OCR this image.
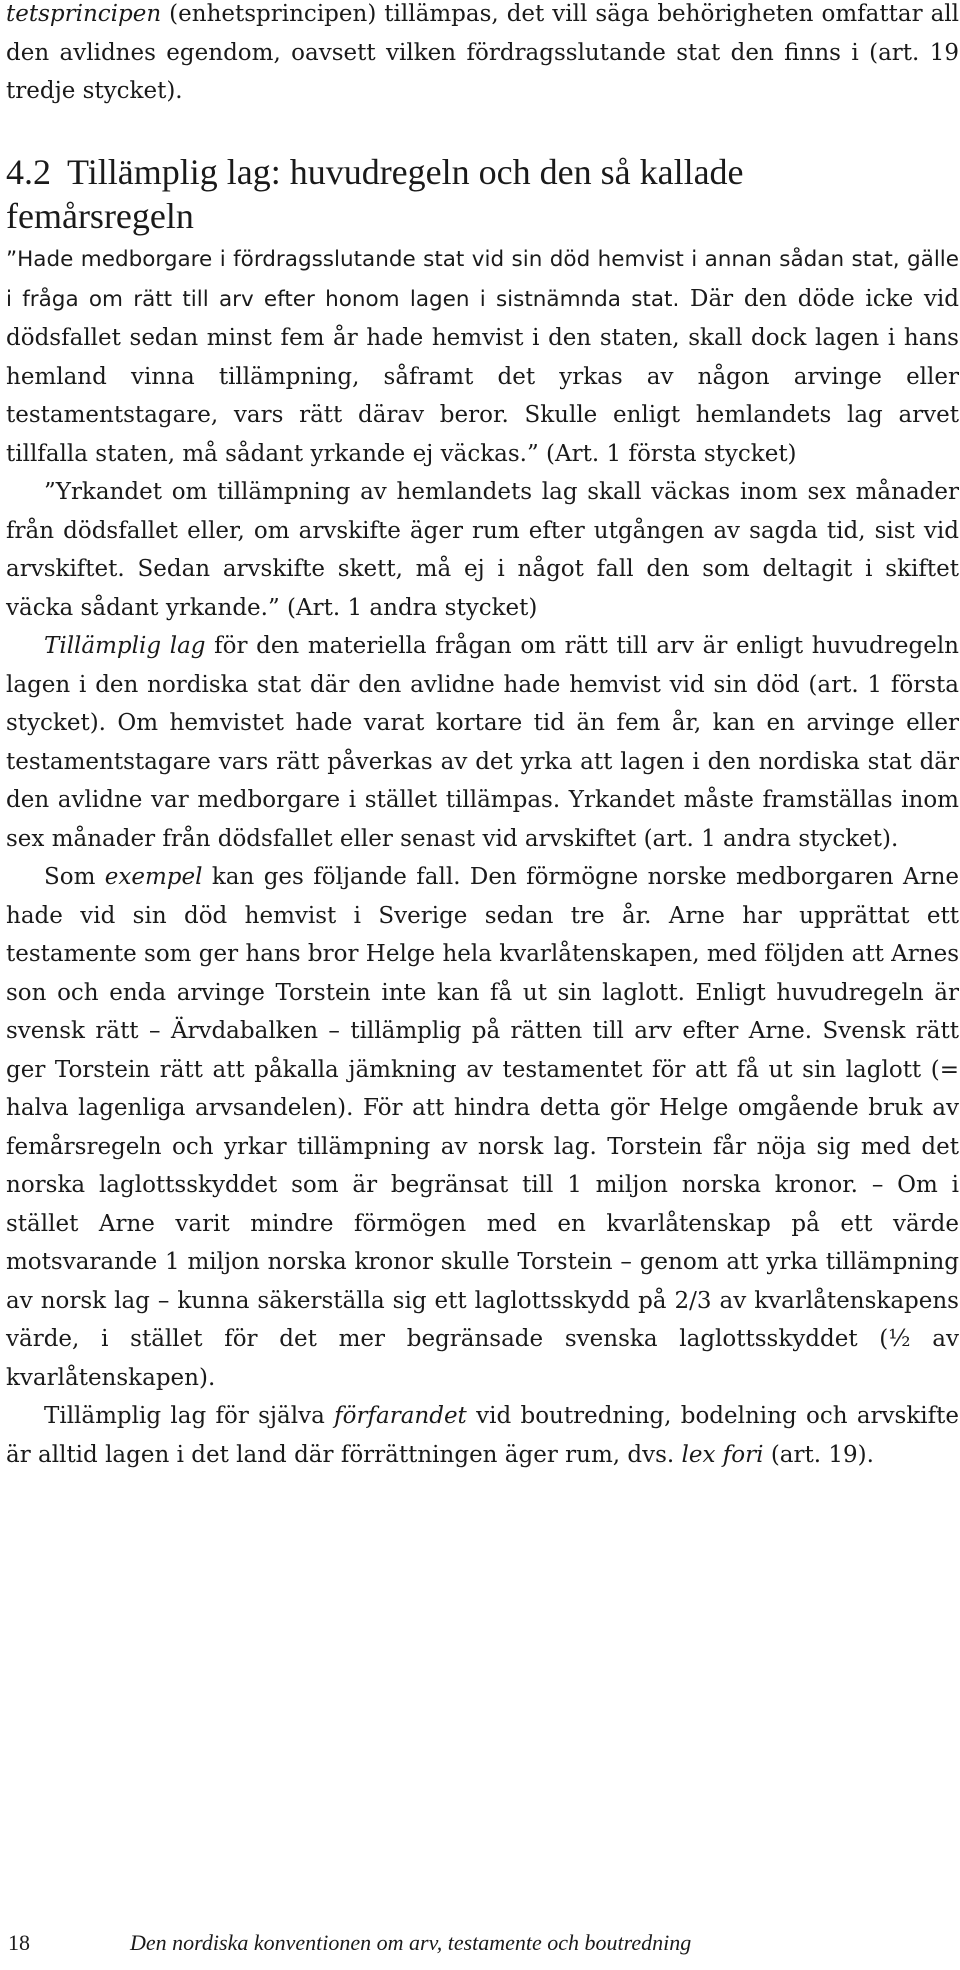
tetsprincipen (enhetsprincipen) tillämpas, det vill säga behörigheten omfattar all den avlidnes egendom, oavsett vilken fördragsslutande stat den finns i (art. 19 tredje stycket).
4.2 Tillämplig lag: huvudregeln och den så kallade femårsregeln

”Hade medborgare i fördragsslutande stat vid sin död hemvist i annan sådan stat, gälle i fråga om rätt till arv efter honom lagen i sistnämnda stat. Där den döde icke vid dödsfallet sedan minst fem år hade hemvist i den staten, skall dock lagen i hans hemland vinna tillämpning, såframt det yrkas av någon arvinge eller testamentstagare, vars rätt därav beror. Skulle enligt hemlandets lag arvet tillfalla staten, må sådant yrkande ej väckas.” (Art. 1 första stycket)

”Yrkandet om tillämpning av hemlandets lag skall väckas inom sex månader från dödsfallet eller, om arvskifte äger rum efter utgången av sagda tid, sist vid arvskiftet. Sedan arvskifte skett, må ej i något fall den som deltagit i skiftet väcka sådant yrkande.” (Art. 1 andra stycket)

Tillämplig lag för den materiella frågan om rätt till arv är enligt huvudregeln lagen i den nordiska stat där den avlidne hade hemvist vid sin död (art. 1 första stycket). Om hemvistet hade varat kortare tid än fem år, kan en arvinge eller testamentstagare vars rätt påverkas av det yrka att lagen i den nordiska stat där den avlidne var medborgare i stället tillämpas. Yrkandet måste framställas inom sex månader från dödsfallet eller senast vid arvskiftet (art. 1 andra stycket).

Som exempel kan ges följande fall. Den förmögne norske medborgaren Arne hade vid sin död hemvist i Sverige sedan tre år. Arne har upprättat ett testamente som ger hans bror Helge hela kvarlåtenskapen, med följden att Arnes son och enda arvinge Torstein inte kan få ut sin laglott. Enligt huvudregeln är svensk rätt – Ärvdabalken – tillämplig på rätten till arv efter Arne. Svensk rätt ger Torstein rätt att påkalla jämkning av testamentet för att få ut sin laglott (= halva lagenliga arvsandelen). För att hindra detta gör Helge omgående bruk av femårsregeln och yrkar tillämpning av norsk lag. Torstein får nöja sig med det norska laglottsskyddet som är begränsat till 1 miljon norska kronor. – Om i stället Arne varit mindre förmögen med en kvarlåtenskap på ett värde motsvarande 1 miljon norska kronor skulle Torstein – genom att yrka tillämpning av norsk lag – kunna säkerställa sig ett laglottsskydd på 2/3 av kvarlåtenskapens värde, i stället för det mer begränsade svenska laglottsskyddet (½ av kvarlåtenskapen).

Tillämplig lag för själva förfarandet vid boutredning, bodelning och arvskifte är alltid lagen i det land där förrättningen äger rum, dvs. lex fori (art. 19).

18	Den nordiska konventionen om arv, testamente och boutredning
